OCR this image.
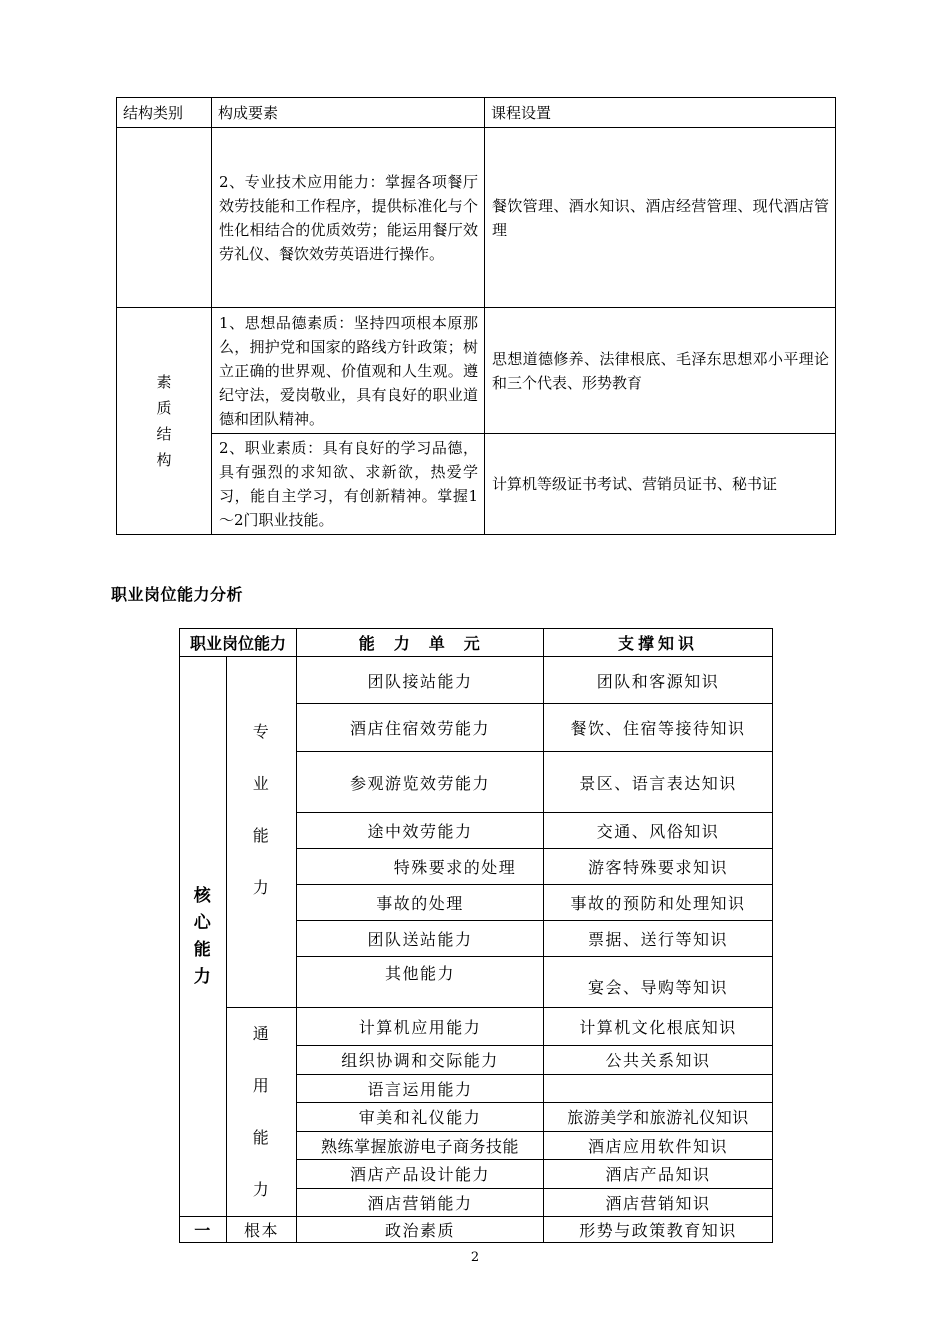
结构类别	构成要素	课程设置
	2、专业技术应用能力：掌握各项餐厅效劳技能和工作程序，提供标准化与个性化相结合的优质效劳；能运用餐厅效劳礼仪、餐饮效劳英语进行操作。	餐饮管理、酒水知识、酒店经营管理、现代酒店管理

素
质
结
构	1、思想品德素质：坚持四项根本原那么，拥护党和国家的路线方针政策；树立正确的世界观、价值观和人生观。遵纪守法，爱岗敬业，具有良好的职业道德和团队精神。	思想道德修养、法律根底、毛泽东思想邓小平理论和三个代表、形势教育
	2、职业素质：具有良好的学习品德，具有强烈的求知欲、求新欲，热爱学习，能自主学习，有创新精神。掌握1～2门职业技能。	计算机等级证书考试、营销员证书、秘书证
职业岗位能力分析
职业岗位能力		能　力　单　元	支撑知识

核
心
能
力	专
业
能
力	团队接站能力	团队和客源知识
		酒店住宿效劳能力	餐饮、住宿等接待知识
		参观游览效劳能力	景区、语言表达知识
		途中效劳能力	交通、风俗知识
		特殊要求的处理	游客特殊要求知识
		事故的处理	事故的预防和处理知识
		团队送站能力	票据、送行等知识
		其他能力	宴会、导购等知识

	通
用
能
力	计算机应用能力	计算机文化根底知识
		组织协调和交际能力	公共关系知识
		语言运用能力	
		审美和礼仪能力	旅游美学和旅游礼仪知识
		熟练掌握旅游电子商务技能	酒店应用软件知识
		酒店产品设计能力	酒店产品知识
		酒店营销能力	酒店营销知识
一	根本	政治素质	形势与政策教育知识
2
